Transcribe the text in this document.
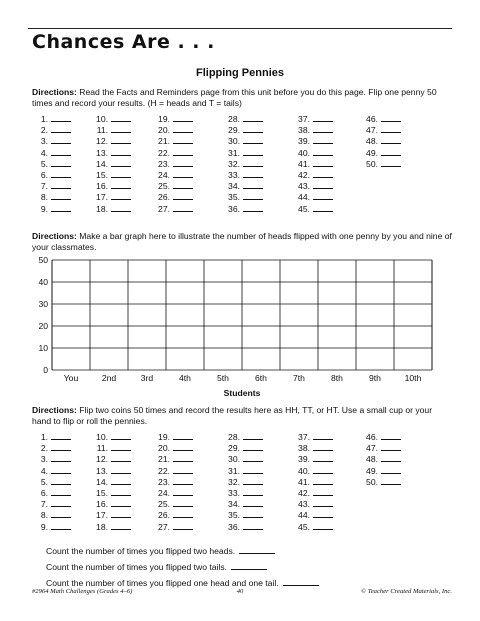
Chances Are . . .
Flipping Pennies
Directions: Read the Facts and Reminders page from this unit before you do this page. Flip one penny 50 times and record your results. (H = heads and T = tails)
1.
2.
3.
4.
5.
6.
7.
8.
9.
10.
11.
12.
13.
14.
15.
16.
17.
18.
19.
20.
21.
22.
23.
24.
25.
26.
27.
28.
29.
30.
31.
32.
33.
34.
35.
36.
37.
38.
39.
40.
41.
42.
43.
44.
45.
46.
47.
48.
49.
50.
Directions: Make a bar graph here to illustrate the number of heads flipped with one penny by you and nine of your classmates.
0
10
20
30
40
50
You	2nd	3rd	4th	5th	6th	7th	8th	9th	10th
Students
Directions: Flip two coins 50 times and record the results here as HH, TT, or HT. Use a small cup or your hand to flip or roll the pennies.
1.
2.
3.
4.
5.
6.
7.
8.
9.
10.
11.
12.
13.
14.
15.
16.
17.
18.
19.
20.
21.
22.
23.
24.
25.
26.
27.
28.
29.
30.
31.
32.
33.
34.
35.
36.
37.
38.
39.
40.
41.
42.
43.
44.
45.
46.
47.
48.
49.
50.
Count the number of times you flipped two heads.
Count the number of times you flipped two tails.
Count the number of times you flipped one head and one tail.
#2964 Math Challenges (Grades 4–6)	40	© Teacher Created Materials, Inc.
